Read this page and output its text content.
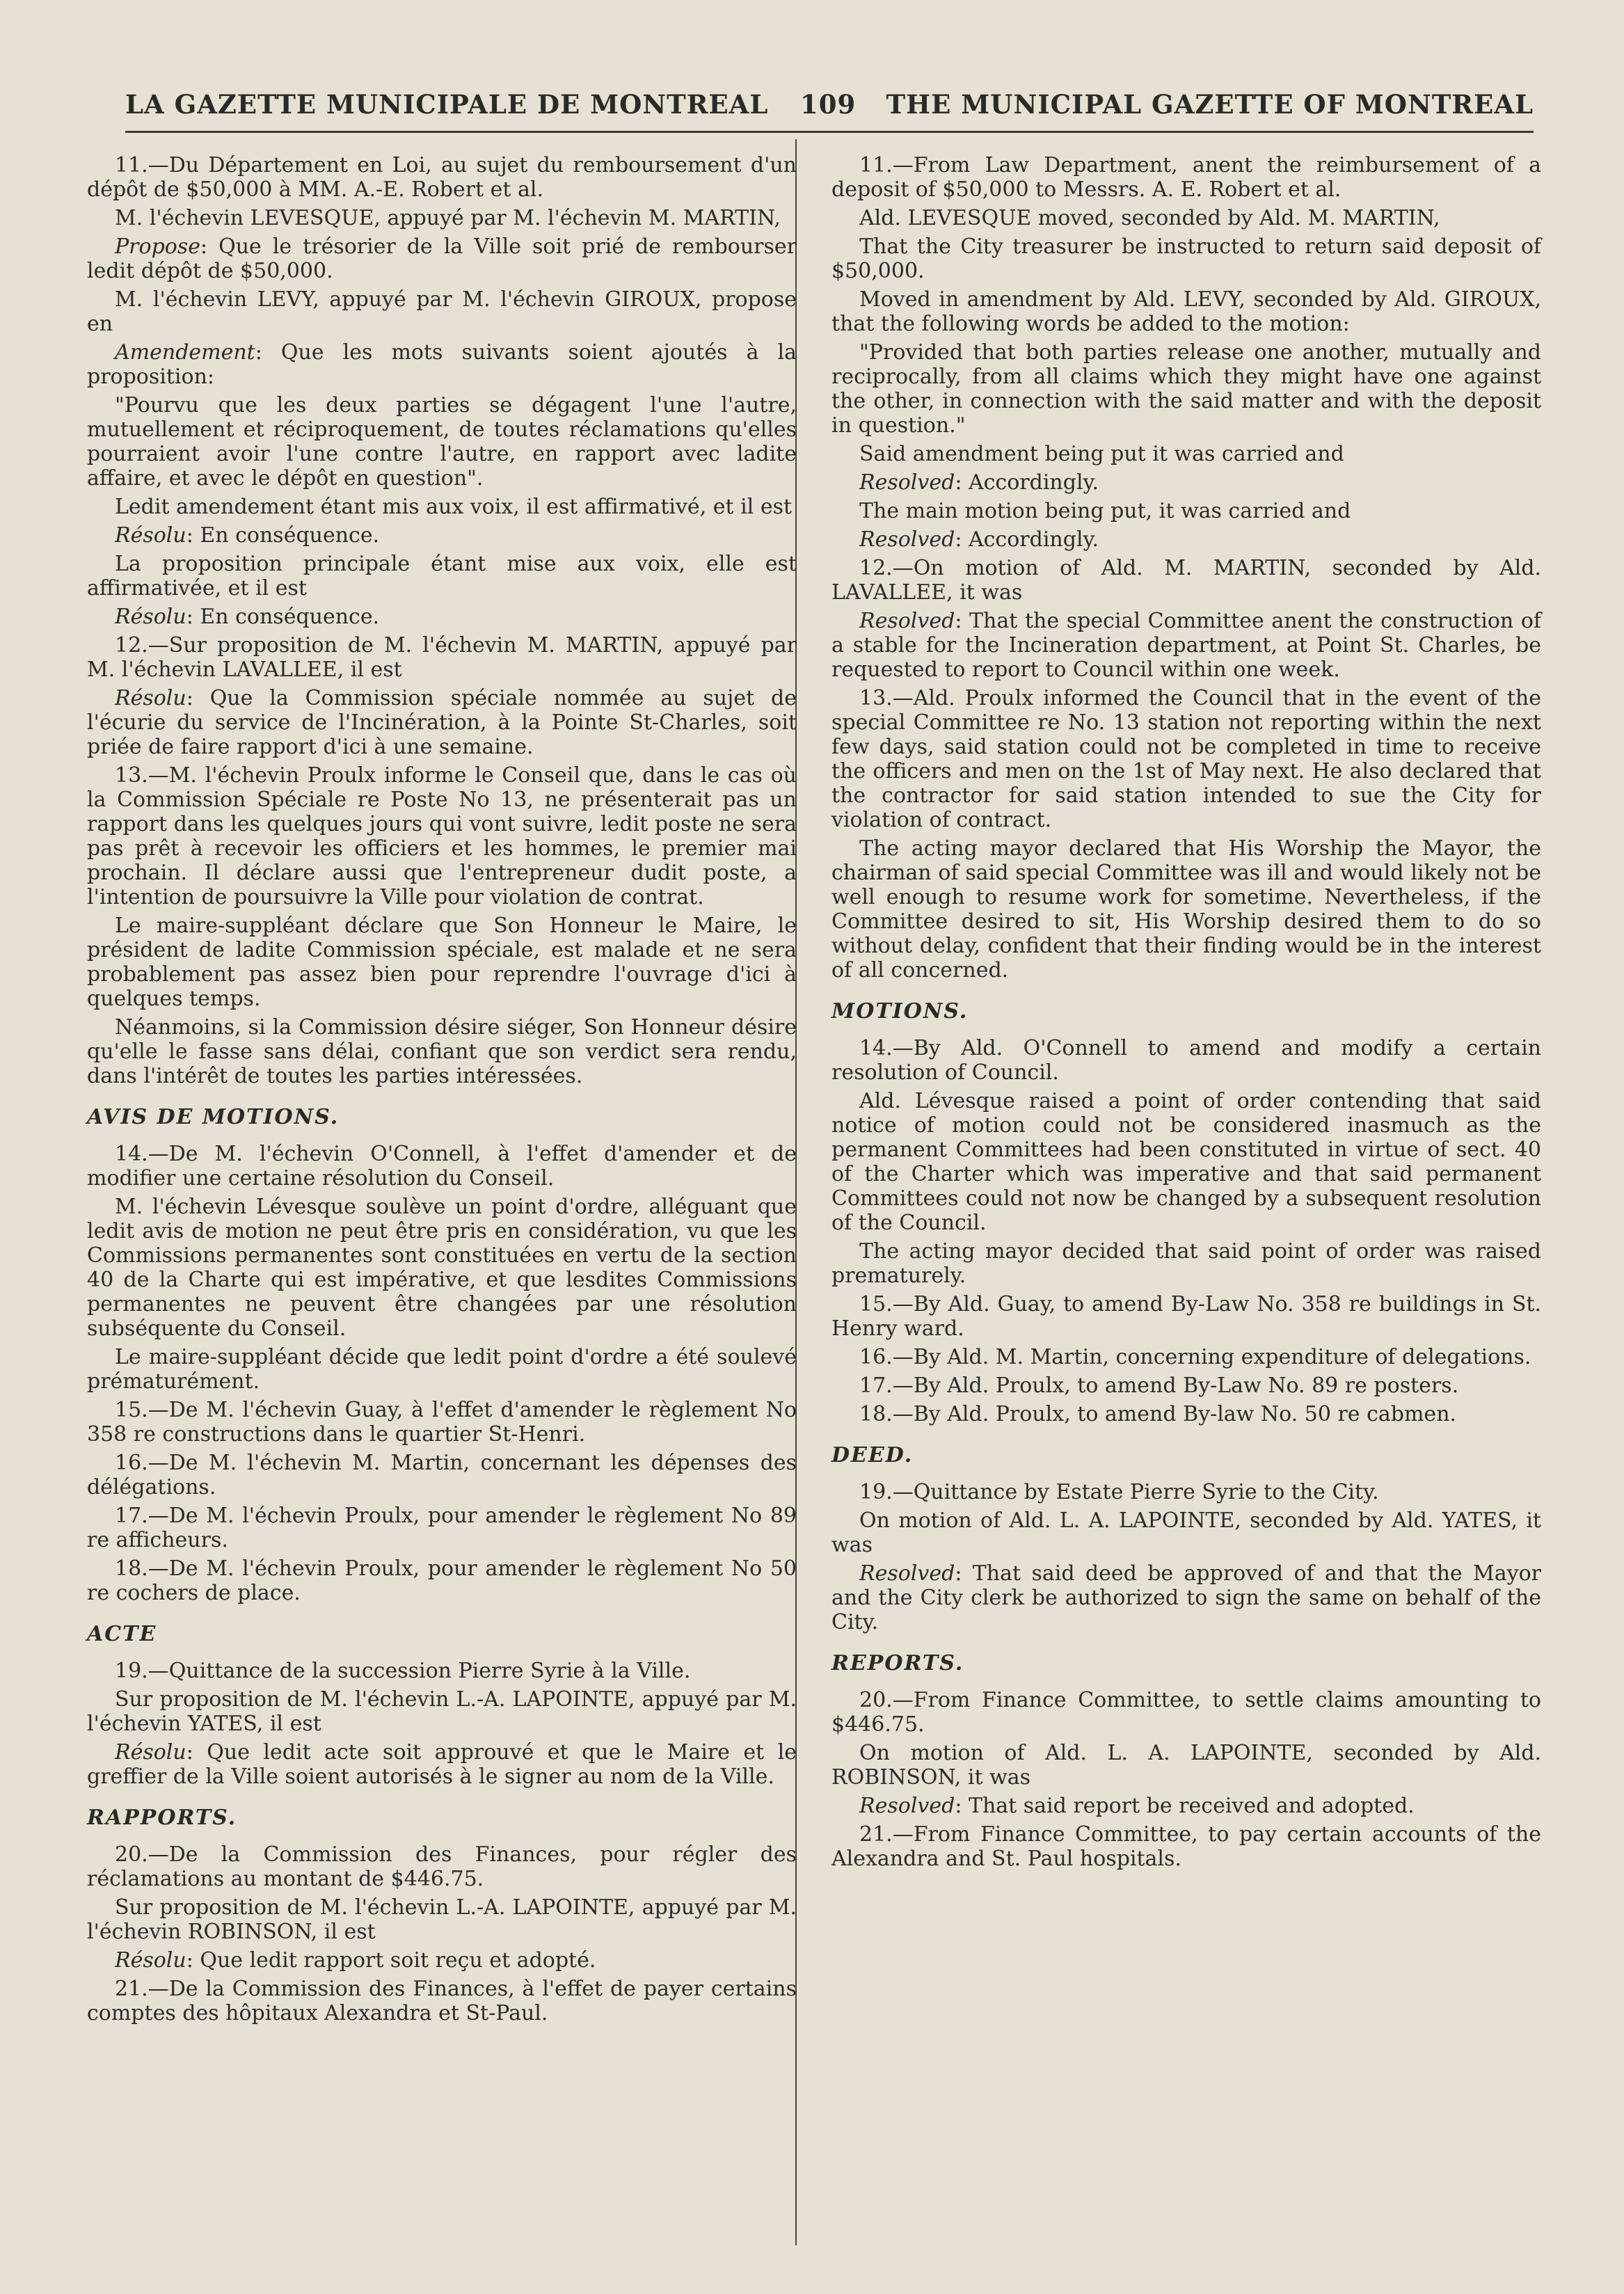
LA GAZETTE MUNICIPALE DE MONTREAL 109 THE MUNICIPAL GAZETTE OF MONTREAL

11.—Du Département en Loi, au sujet du remboursement d'un dépôt de $50,000 à MM. A.-E. Robert et al.

M. l'échevin LEVESQUE, appuyé par M. l'échevin M. MARTIN,

Propose: Que le trésorier de la Ville soit prié de rembourser ledit dépôt de $50,000.

M. l'échevin LEVY, appuyé par M. l'échevin GIROUX, propose en

Amendement: Que les mots suivants soient ajoutés à la proposition:

"Pourvu que les deux parties se dégagent l'une l'autre, mutuellement et réciproquement, de toutes réclamations qu'elles pourraient avoir l'une contre l'autre, en rapport avec ladite affaire, et avec le dépôt en question".

Ledit amendement étant mis aux voix, il est affirmativé, et il est

Résolu: En conséquence.

La proposition principale étant mise aux voix, elle est affirmativée, et il est

Résolu: En conséquence.

12.—Sur proposition de M. l'échevin M. MARTIN, appuyé par M. l'échevin LAVALLEE, il est

Résolu: Que la Commission spéciale nommée au sujet de l'écurie du service de l'Incinération, à la Pointe St-Charles, soit priée de faire rapport d'ici à une semaine.

13.—M. l'échevin Proulx informe le Conseil que, dans le cas où la Commission Spéciale re Poste No 13, ne présenterait pas un rapport dans les quelques jours qui vont suivre, ledit poste ne sera pas prêt à recevoir les officiers et les hommes, le premier mai prochain. Il déclare aussi que l'entrepreneur dudit poste, a l'intention de poursuivre la Ville pour violation de contrat.

Le maire-suppléant déclare que Son Honneur le Maire, le président de ladite Commission spéciale, est malade et ne sera probablement pas assez bien pour reprendre l'ouvrage d'ici à quelques temps.

Néanmoins, si la Commission désire siéger, Son Honneur désire qu'elle le fasse sans délai, confiant que son verdict sera rendu, dans l'intérêt de toutes les parties intéressées.

AVIS DE MOTIONS.

14.—De M. l'échevin O'Connell, à l'effet d'amender et de modifier une certaine résolution du Conseil.

M. l'échevin Lévesque soulève un point d'ordre, alléguant que ledit avis de motion ne peut être pris en considération, vu que les Commissions permanentes sont constituées en vertu de la section 40 de la Charte qui est impérative, et que lesdites Commissions permanentes ne peuvent être changées par une résolution subséquente du Conseil.

Le maire-suppléant décide que ledit point d'ordre a été soulevé prématurément.

15.—De M. l'échevin Guay, à l'effet d'amender le règlement No 358 re constructions dans le quartier St-Henri.

16.—De M. l'échevin M. Martin, concernant les dépenses des délégations.

17.—De M. l'échevin Proulx, pour amender le règlement No 89 re afficheurs.

18.—De M. l'échevin Proulx, pour amender le règlement No 50 re cochers de place.

ACTE

19.—Quittance de la succession Pierre Syrie à la Ville.

Sur proposition de M. l'échevin L.-A. LAPOINTE, appuyé par M. l'échevin YATES, il est

Résolu: Que ledit acte soit approuvé et que le Maire et le greffier de la Ville soient autorisés à le signer au nom de la Ville.

RAPPORTS.

20.—De la Commission des Finances, pour régler des réclamations au montant de $446.75.

Sur proposition de M. l'échevin L.-A. LAPOINTE, appuyé par M. l'échevin ROBINSON, il est

Résolu: Que ledit rapport soit reçu et adopté.

21.—De la Commission des Finances, à l'effet de payer certains comptes des hôpitaux Alexandra et St-Paul.

11.—From Law Department, anent the reimbursement of a deposit of $50,000 to Messrs. A. E. Robert et al.

Ald. LEVESQUE moved, seconded by Ald. M. MARTIN,

That the City treasurer be instructed to return said deposit of $50,000.

Moved in amendment by Ald. LEVY, seconded by Ald. GIROUX, that the following words be added to the motion:

"Provided that both parties release one another, mutually and reciprocally, from all claims which they might have one against the other, in connection with the said matter and with the deposit in question."

Said amendment being put it was carried and

Resolved: Accordingly.

The main motion being put, it was carried and

Resolved: Accordingly.

12.—On motion of Ald. M. MARTIN, seconded by Ald. LAVALLEE, it was

Resolved: That the special Committee anent the construction of a stable for the Incineration department, at Point St. Charles, be requested to report to Council within one week.

13.—Ald. Proulx informed the Council that in the event of the special Committee re No. 13 station not reporting within the next few days, said station could not be completed in time to receive the officers and men on the 1st of May next. He also declared that the contractor for said station intended to sue the City for violation of contract.

The acting mayor declared that His Worship the Mayor, the chairman of said special Committee was ill and would likely not be well enough to resume work for sometime. Nevertheless, if the Committee desired to sit, His Worship desired them to do so without delay, confident that their finding would be in the interest of all concerned.

MOTIONS.

14.—By Ald. O'Connell to amend and modify a certain resolution of Council.

Ald. Lévesque raised a point of order contending that said notice of motion could not be considered inasmuch as the permanent Committees had been constituted in virtue of sect. 40 of the Charter which was imperative and that said permanent Committees could not now be changed by a subsequent resolution of the Council.

The acting mayor decided that said point of order was raised prematurely.

15.—By Ald. Guay, to amend By-Law No. 358 re buildings in St. Henry ward.

16.—By Ald. M. Martin, concerning expenditure of delegations.

17.—By Ald. Proulx, to amend By-Law No. 89 re posters.

18.—By Ald. Proulx, to amend By-law No. 50 re cabmen.

DEED.

19.—Quittance by Estate Pierre Syrie to the City.

On motion of Ald. L. A. LAPOINTE, seconded by Ald. YATES, it was

Resolved: That said deed be approved of and that the Mayor and the City clerk be authorized to sign the same on behalf of the City.

REPORTS.

20.—From Finance Committee, to settle claims amounting to $446.75.

On motion of Ald. L. A. LAPOINTE, seconded by Ald. ROBINSON, it was

Resolved: That said report be received and adopted.

21.—From Finance Committee, to pay certain accounts of the Alexandra and St. Paul hospitals.
